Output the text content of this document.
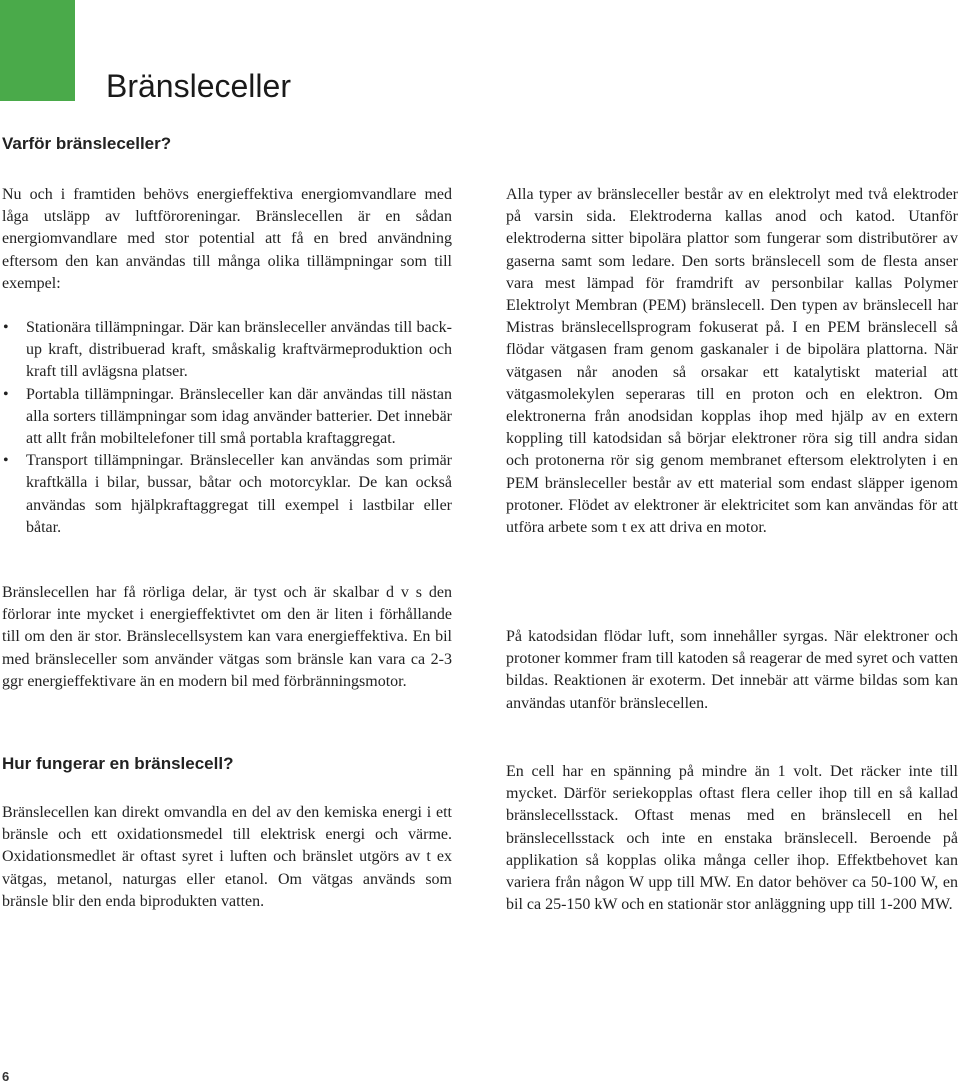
Bränsleceller
Varför bränsleceller?

Nu och i framtiden behövs energieffektiva energiomvandlare med låga utsläpp av luftföroreningar. Bränslecellen är en sådan energiomvandlare med stor potential att få en bred användning eftersom den kan användas till många olika tillämpningar som till exempel:

• Stationära tillämpningar. Där kan bränsleceller användas till back-up kraft, distribuerad kraft, småskalig kraftvärmeproduktion och kraft till avlägsna platser.
• Portabla tillämpningar. Bränsleceller kan där användas till nästan alla sorters tillämpningar som idag använder batterier. Det innebär att allt från mobiltelefoner till små portabla kraftaggregat.
• Transport tillämpningar. Bränsleceller kan användas som primär kraftkälla i bilar, bussar, båtar och motorcyklar. De kan också användas som hjälpkraftaggregat till exempel i lastbilar eller båtar.

Bränslecellen har få rörliga delar, är tyst och är skalbar d v s den förlorar inte mycket i energieffektivtet om den är liten i förhållande till om den är stor. Bränslecellsystem kan vara energieffektiva. En bil med bränsleceller som använder vätgas som bränsle kan vara ca 2-3 ggr energieffektivare än en modern bil med förbränningsmotor.

Hur fungerar en bränslecell?

Bränslecellen kan direkt omvandla en del av den kemiska energi i ett bränsle och ett oxidationsmedel till elektrisk energi och värme. Oxidationsmedlet är oftast syret i luften och bränslet utgörs av t ex vätgas, metanol, naturgas eller etanol. Om vätgas används som bränsle blir den enda biprodukten vatten.

Alla typer av bränsleceller består av en elektrolyt med två elektroder på varsin sida. Elektroderna kallas anod och katod. Utanför elektroderna sitter bipolära plattor som fungerar som distributörer av gaserna samt som ledare. Den sorts bränslecell som de flesta anser vara mest lämpad för framdrift av personbilar kallas Polymer Elektrolyt Membran (PEM) bränslecell. Den typen av bränslecell har Mistras bränslecellsprogram fokuserat på. I en PEM bränslecell så flödar vätgasen fram genom gaskanaler i de bipolära plattorna. När vätgasen når anoden så orsakar ett katalytiskt material att vätgasmolekylen seperaras till en proton och en elektron. Om elektronerna från anodsidan kopplas ihop med hjälp av en extern koppling till katodsidan så börjar elektroner röra sig till andra sidan och protonerna rör sig genom membranet eftersom elektrolyten i en PEM bränsleceller består av ett material som endast släpper igenom protoner. Flödet av elektroner är elektricitet som kan användas för att utföra arbete som t ex att driva en motor.

På katodsidan flödar luft, som innehåller syrgas. När elektroner och protoner kommer fram till katoden så reagerar de med syret och vatten bildas. Reaktionen är exoterm. Det innebär att värme bildas som kan användas utanför bränslecellen.

En cell har en spänning på mindre än 1 volt. Det räcker inte till mycket. Därför seriekopplas oftast flera celler ihop till en så kallad bränslecellsstack. Oftast menas med en bränslecell en hel bränslecellsstack och inte en enstaka bränslecell. Beroende på applikation så kopplas olika många celler ihop. Effektbehovet kan variera från någon W upp till MW. En dator behöver ca 50-100 W, en bil ca 25-150 kW och en stationär stor anläggning upp till 1-200 MW.

6
